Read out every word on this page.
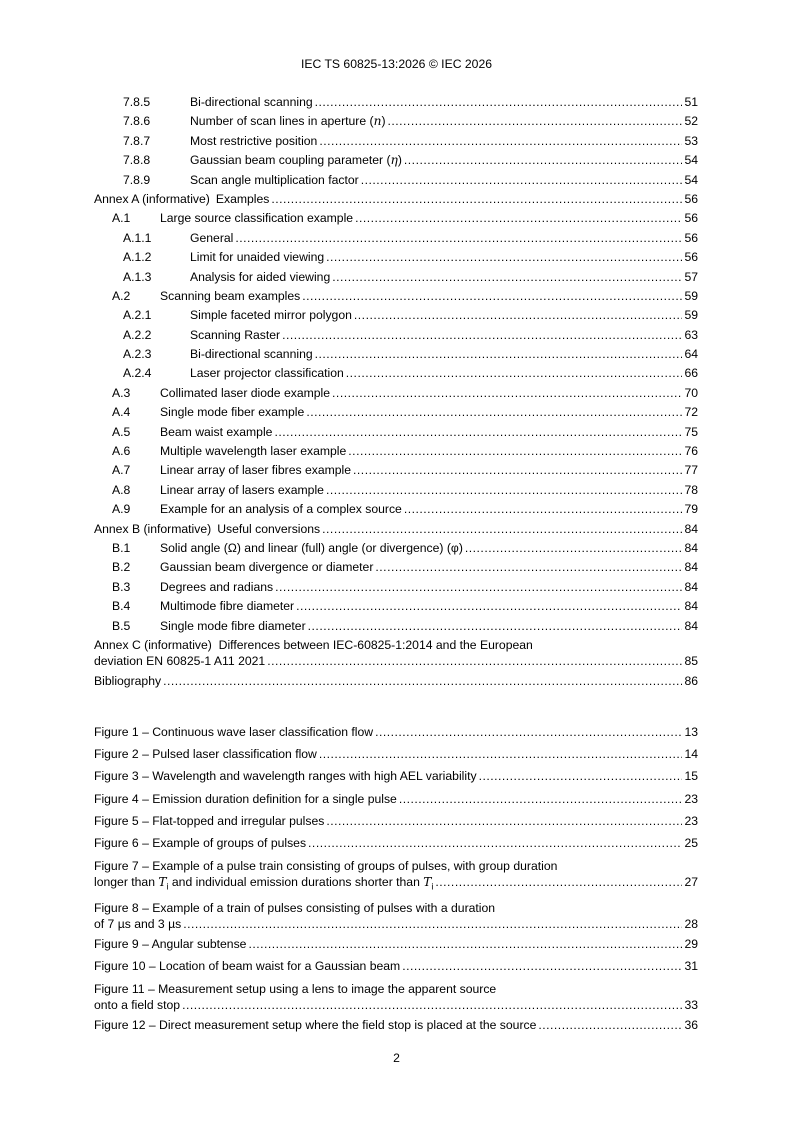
IEC TS 60825-13:2026 © IEC 2026
7.8.5	Bi-directional scanning .....	51
7.8.6	Number of scan lines in aperture (n) .....	52
7.8.7	Most restrictive position .....	53
7.8.8	Gaussian beam coupling parameter (η) .....	54
7.8.9	Scan angle multiplication factor .....	54
Annex A (informative) Examples .....	56
A.1	Large source classification example .....	56
A.1.1	General .....	56
A.1.2	Limit for unaided viewing .....	56
A.1.3	Analysis for aided viewing .....	57
A.2	Scanning beam examples .....	59
A.2.1	Simple faceted mirror polygon .....	59
A.2.2	Scanning Raster .....	63
A.2.3	Bi-directional scanning .....	64
A.2.4	Laser projector classification .....	66
A.3	Collimated laser diode example .....	70
A.4	Single mode fiber example .....	72
A.5	Beam waist example .....	75
A.6	Multiple wavelength laser example .....	76
A.7	Linear array of laser fibres example .....	77
A.8	Linear array of lasers example .....	78
A.9	Example for an analysis of a complex source .....	79
Annex B (informative) Useful conversions .....	84
B.1	Solid angle (Ω) and linear (full) angle (or divergence) (φ) .....	84
B.2	Gaussian beam divergence or diameter .....	84
B.3	Degrees and radians .....	84
B.4	Multimode fibre diameter .....	84
B.5	Single mode fibre diameter .....	84
Annex C (informative) Differences between IEC-60825-1:2014 and the European
deviation EN 60825-1 A11 2021 .....	85
Bibliography .....	86
Figure 1 – Continuous wave laser classification flow .....	13
Figure 2 – Pulsed laser classification flow .....	14
Figure 3 – Wavelength and wavelength ranges with high AEL variability .....	15
Figure 4 – Emission duration definition for a single pulse .....	23
Figure 5 – Flat-topped and irregular pulses .....	23
Figure 6 – Example of groups of pulses .....	25
Figure 7 – Example of a pulse train consisting of groups of pulses, with group duration
longer than $T_i$ and individual emission durations shorter than $T_i$ .....	27
Figure 8 – Example of a train of pulses consisting of pulses with a duration
of 7 µs and 3 µs .....	28
Figure 9 – Angular subtense .....	29
Figure 10 – Location of beam waist for a Gaussian beam .....	31
Figure 11 – Measurement setup using a lens to image the apparent source
onto a field stop .....	33
Figure 12 – Direct measurement setup where the field stop is placed at the source .....	36
2
